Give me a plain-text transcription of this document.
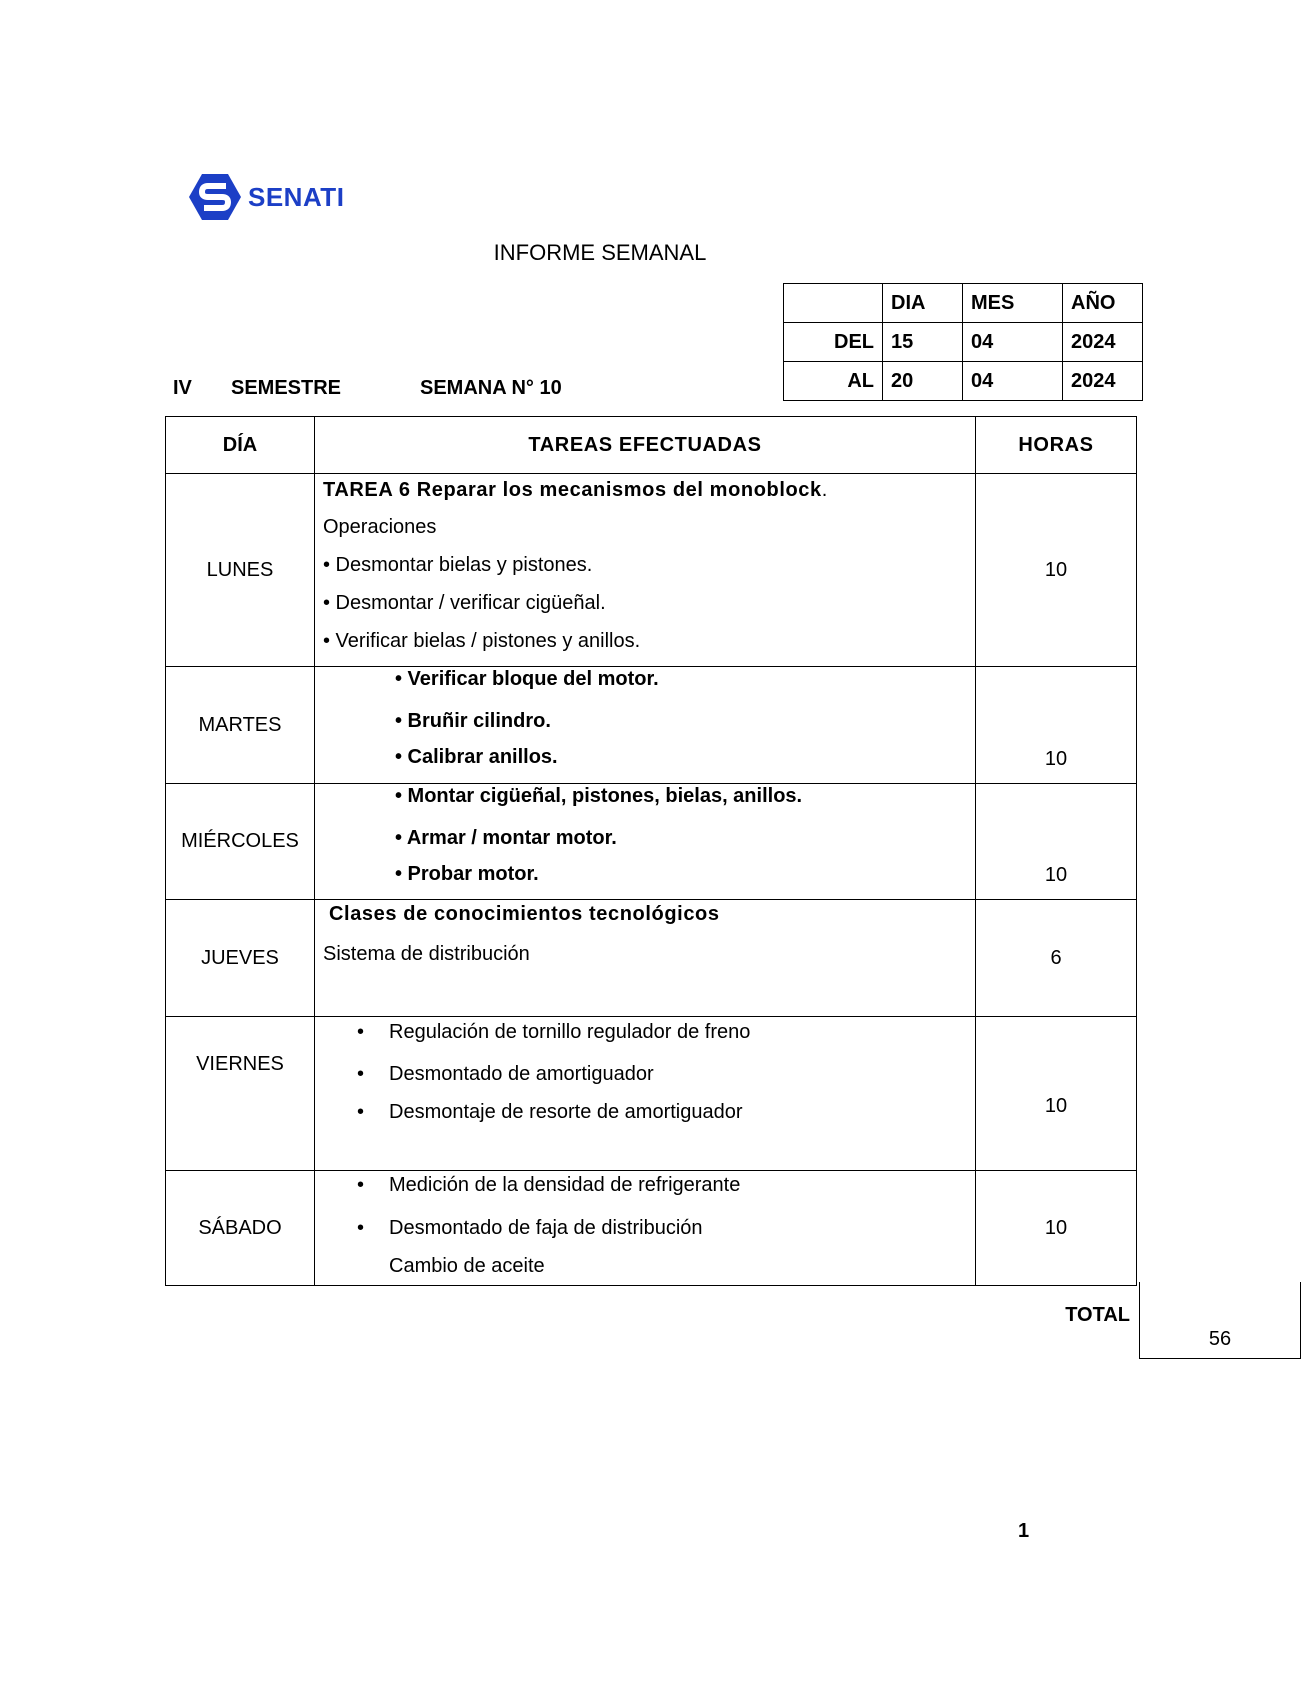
SENATI
INFORME SEMANAL
	DIA	MES	AÑO
DEL	15	04	2024
AL	20	04	2024
IV SEMESTRE	SEMANA N° 10
DÍA	TAREAS EFECTUADAS	HORAS
LUNES	TAREA 6 Reparar los mecanismos del monoblock.
Operaciones
• Desmontar bielas y pistones.
• Desmontar / verificar cigüeñal.
• Verificar bielas / pistones y anillos.	10
MARTES	• Verificar bloque del motor.
• Bruñir cilindro.
• Calibrar anillos.	10
MIÉRCOLES	• Montar cigüeñal, pistones, bielas, anillos.
• Armar / montar motor.
• Probar motor.	10
JUEVES	Clases de conocimientos tecnológicos
Sistema de distribución	6
VIERNES	• Regulación de tornillo regulador de freno
• Desmontado de amortiguador
• Desmontaje de resorte de amortiguador	10
SÁBADO	• Medición de la densidad de refrigerante
• Desmontado de faja de distribución
Cambio de aceite	10
TOTAL
56
1
